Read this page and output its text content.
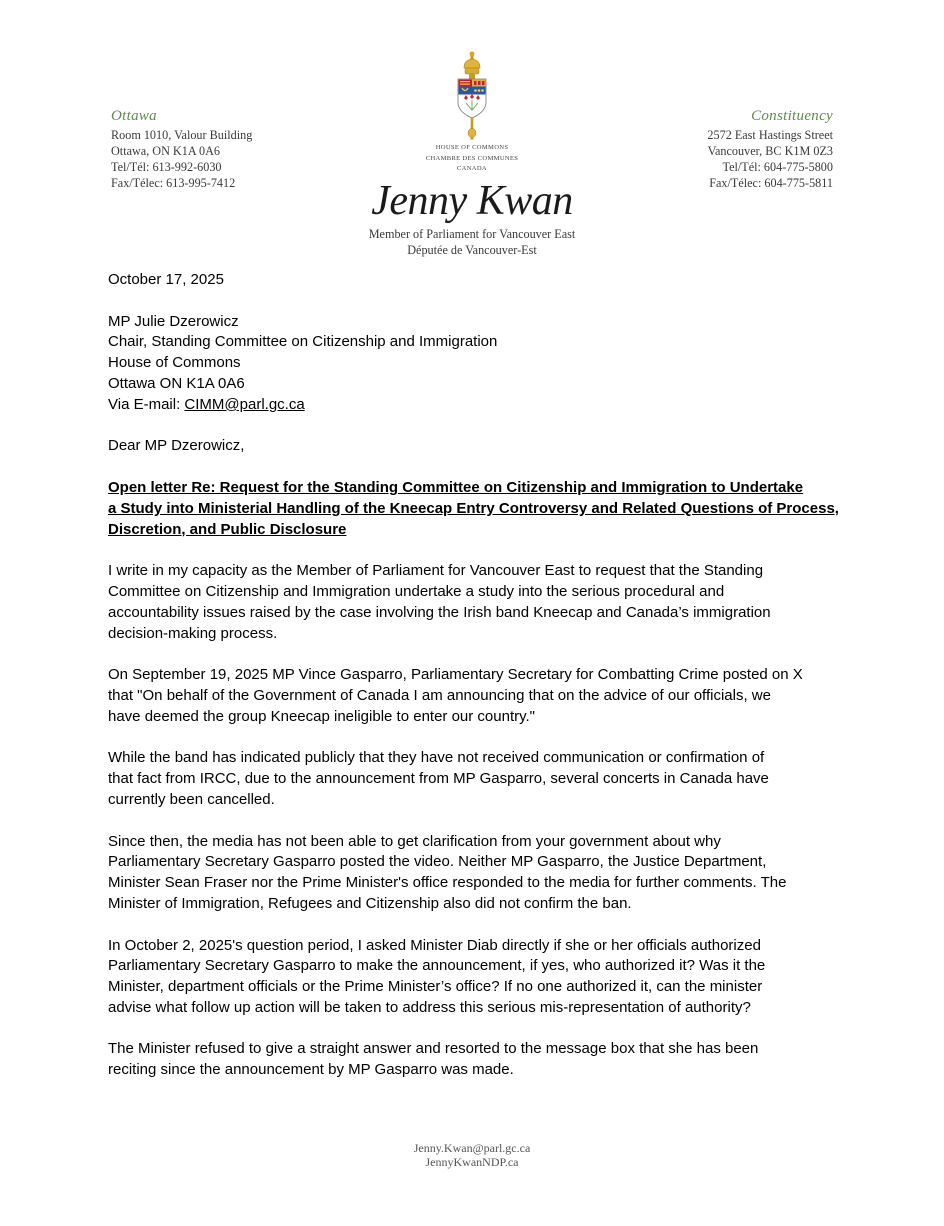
Ottawa
Room 1010, Valour Building
Ottawa, ON K1A 0A6
Tel/Tél: 613-992-6030
Fax/Télec: 613-995-7412
Constituency
2572 East Hastings Street
Vancouver, BC K1M 0Z3
Tel/Tél: 604-775-5800
Fax/Télec: 604-775-5811
HOUSE OF COMMONS
CHAMBRE DES COMMUNES
CANADA
Jenny Kwan
Member of Parliament for Vancouver East
Députée de Vancouver-Est

October 17, 2025

MP Julie Dzerowicz
Chair, Standing Committee on Citizenship and Immigration
House of Commons
Ottawa ON K1A 0A6
Via E-mail: CIMM@parl.gc.ca

Dear MP Dzerowicz,

Open letter Re: Request for the Standing Committee on Citizenship and Immigration to Undertake
a Study into Ministerial Handling of the Kneecap Entry Controversy and Related Questions of Process,
Discretion, and Public Disclosure
I write in my capacity as the Member of Parliament for Vancouver East to request that the Standing
Committee on Citizenship and Immigration undertake a study into the serious procedural and
accountability issues raised by the case involving the Irish band Kneecap and Canada’s immigration
decision-making process.
On September 19, 2025 MP Vince Gasparro, Parliamentary Secretary for Combatting Crime posted on X
that "On behalf of the Government of Canada I am announcing that on the advice of our officials, we
have deemed the group Kneecap ineligible to enter our country."
While the band has indicated publicly that they have not received communication or confirmation of
that fact from IRCC, due to the announcement from MP Gasparro, several concerts in Canada have
currently been cancelled.
Since then, the media has not been able to get clarification from your government about why
Parliamentary Secretary Gasparro posted the video. Neither MP Gasparro, the Justice Department,
Minister Sean Fraser nor the Prime Minister's office responded to the media for further comments. The
Minister of Immigration, Refugees and Citizenship also did not confirm the ban.
In October 2, 2025's question period, I asked Minister Diab directly if she or her officials authorized
Parliamentary Secretary Gasparro to make the announcement, if yes, who authorized it? Was it the
Minister, department officials or the Prime Minister’s office? If no one authorized it, can the minister
advise what follow up action will be taken to address this serious mis-representation of authority?
The Minister refused to give a straight answer and resorted to the message box that she has been
reciting since the announcement by MP Gasparro was made.
Jenny.Kwan@parl.gc.ca
JennyKwanNDP.ca
